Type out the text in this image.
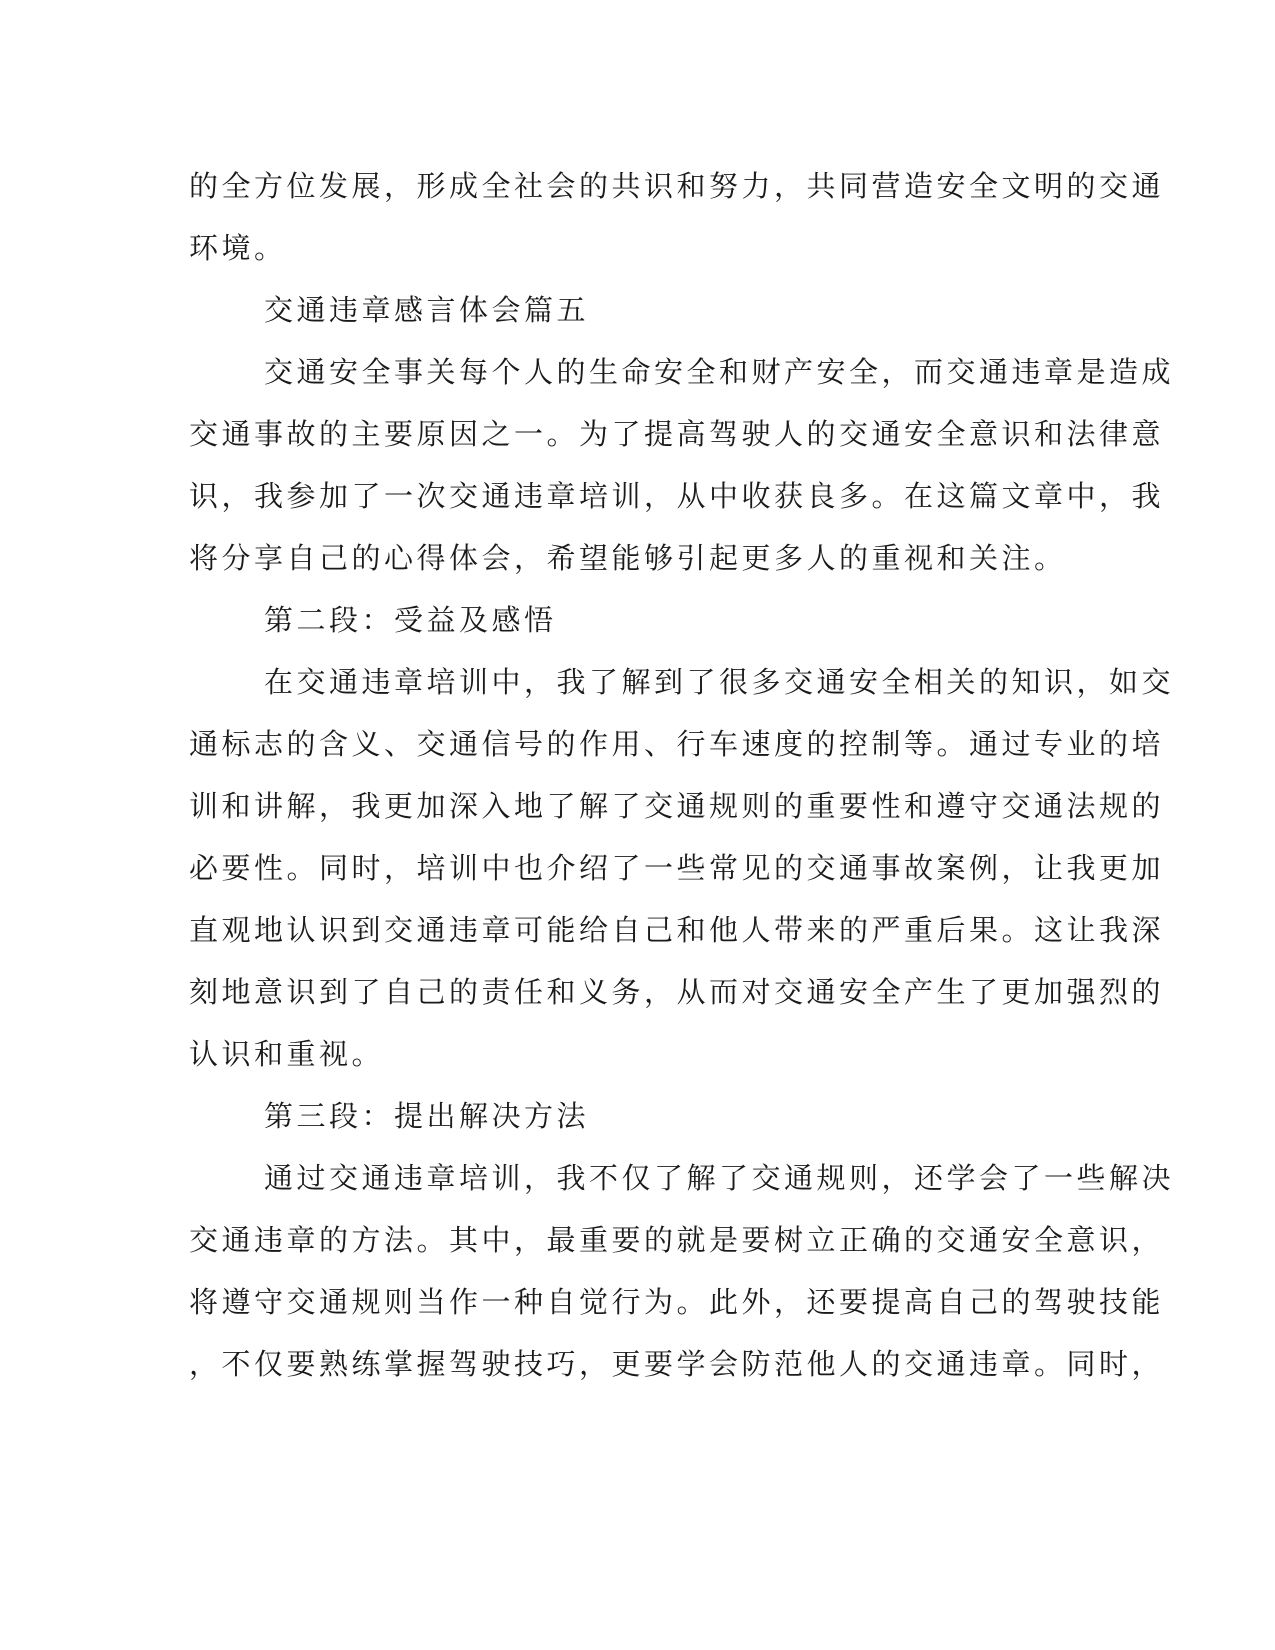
的全方位发展，形成全社会的共识和努力，共同营造安全文明的交通
环境。
交通违章感言体会篇五
交通安全事关每个人的生命安全和财产安全，而交通违章是造成
交通事故的主要原因之一。为了提高驾驶人的交通安全意识和法律意
识，我参加了一次交通违章培训，从中收获良多。在这篇文章中，我
将分享自己的心得体会，希望能够引起更多人的重视和关注。
第二段：受益及感悟
在交通违章培训中，我了解到了很多交通安全相关的知识，如交
通标志的含义、交通信号的作用、行车速度的控制等。通过专业的培
训和讲解，我更加深入地了解了交通规则的重要性和遵守交通法规的
必要性。同时，培训中也介绍了一些常见的交通事故案例，让我更加
直观地认识到交通违章可能给自己和他人带来的严重后果。这让我深
刻地意识到了自己的责任和义务，从而对交通安全产生了更加强烈的
认识和重视。
第三段：提出解决方法
通过交通违章培训，我不仅了解了交通规则，还学会了一些解决
交通违章的方法。其中，最重要的就是要树立正确的交通安全意识，
将遵守交通规则当作一种自觉行为。此外，还要提高自己的驾驶技能
，不仅要熟练掌握驾驶技巧，更要学会防范他人的交通违章。同时，
